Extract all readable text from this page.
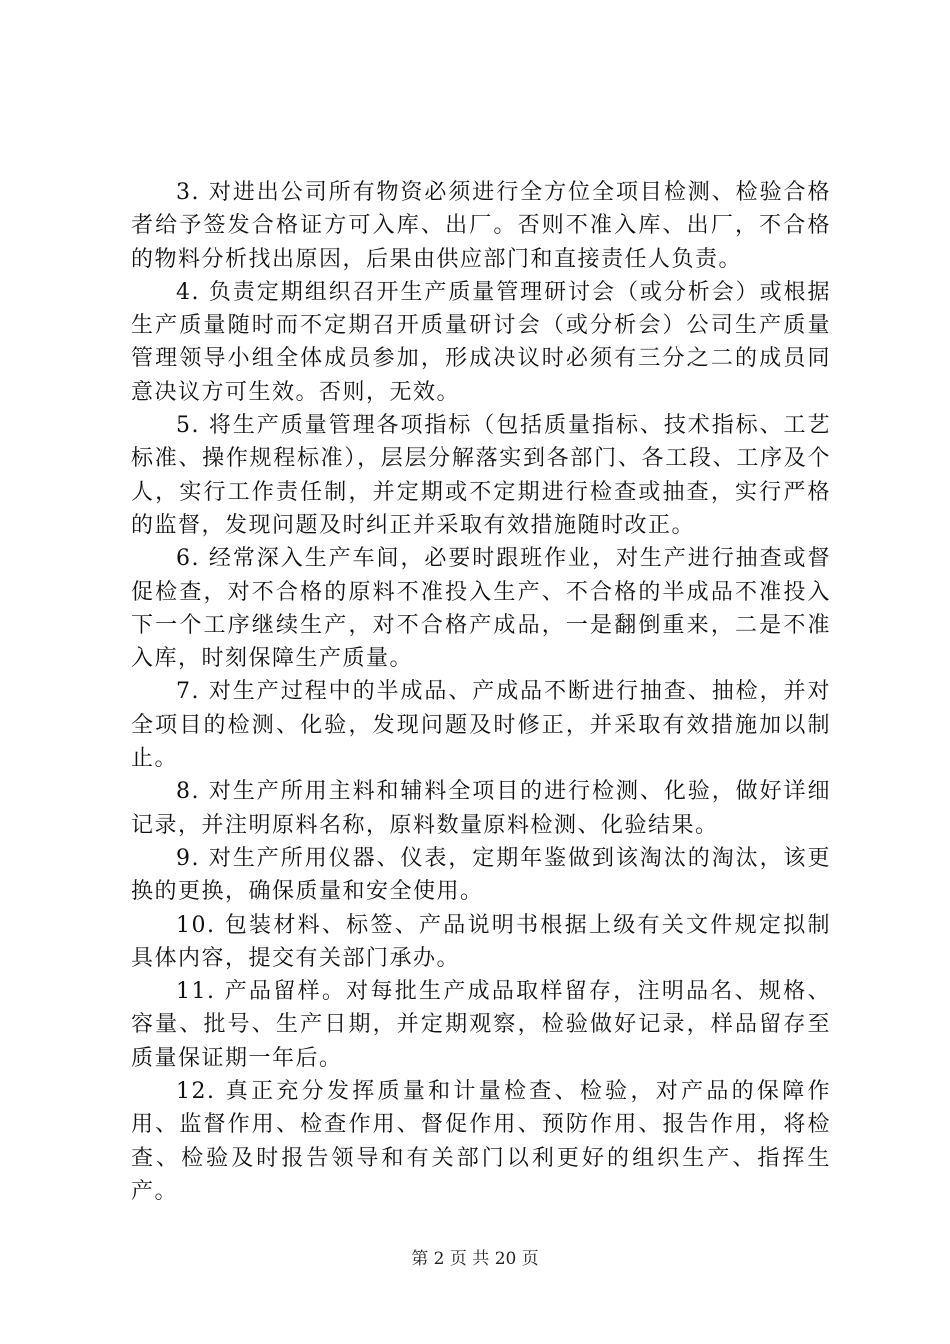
3. 对进出公司所有物资必须进行全方位全项目检测、检验合格者给予签发合格证方可入库、出厂。否则不准入库、出厂，不合格的物料分析找出原因，后果由供应部门和直接责任人负责。

4. 负责定期组织召开生产质量管理研讨会（或分析会）或根据生产质量随时而不定期召开质量研讨会（或分析会）公司生产质量管理领导小组全体成员参加，形成决议时必须有三分之二的成员同意决议方可生效。否则，无效。

5. 将生产质量管理各项指标（包括质量指标、技术指标、工艺标准、操作规程标准），层层分解落实到各部门、各工段、工序及个人，实行工作责任制，并定期或不定期进行检查或抽查，实行严格的监督，发现问题及时纠正并采取有效措施随时改正。

6. 经常深入生产车间，必要时跟班作业，对生产进行抽查或督促检查，对不合格的原料不准投入生产、不合格的半成品不准投入下一个工序继续生产，对不合格产成品，一是翻倒重来，二是不准入库，时刻保障生产质量。

7. 对生产过程中的半成品、产成品不断进行抽查、抽检，并对全项目的检测、化验，发现问题及时修正，并采取有效措施加以制止。

8. 对生产所用主料和辅料全项目的进行检测、化验，做好详细记录，并注明原料名称，原料数量原料检测、化验结果。

9. 对生产所用仪器、仪表，定期年鉴做到该淘汰的淘汰，该更换的更换，确保质量和安全使用。

10. 包装材料、标签、产品说明书根据上级有关文件规定拟制具体内容，提交有关部门承办。

11. 产品留样。对每批生产成品取样留存，注明品名、规格、容量、批号、生产日期，并定期观察，检验做好记录，样品留存至质量保证期一年后。

12. 真正充分发挥质量和计量检查、检验，对产品的保障作用、监督作用、检查作用、督促作用、预防作用、报告作用，将检查、检验及时报告领导和有关部门以利更好的组织生产、指挥生产。

第 2 页 共 20 页
